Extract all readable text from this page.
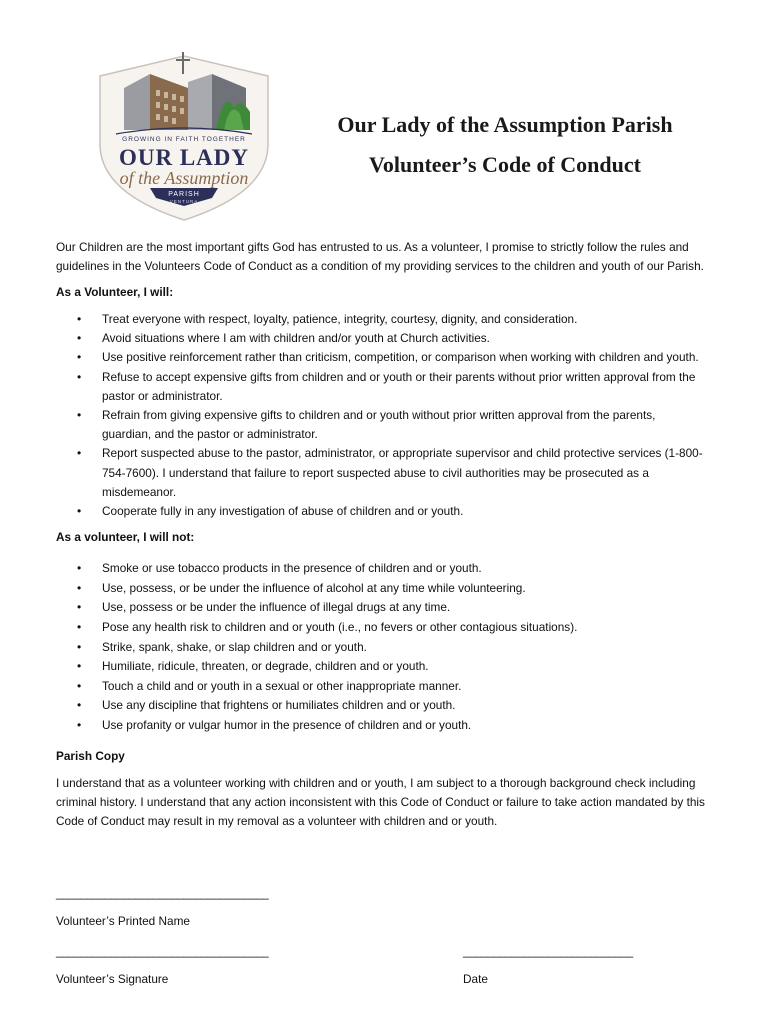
GROWING IN FAITH TOGETHER
OUR LADY
of the Assumption
PARISH
VENTURA
Our Lady of the Assumption Parish
Volunteer’s Code of Conduct

Our Children are the most important gifts God has entrusted to us. As a volunteer, I promise to strictly follow the rules and guidelines in the Volunteers Code of Conduct as a condition of my providing services to the children and youth of our Parish.

As a Volunteer, I will:

• Treat everyone with respect, loyalty, patience, integrity, courtesy, dignity, and consideration.
• Avoid situations where I am with children and/or youth at Church activities.
• Use positive reinforcement rather than criticism, competition, or comparison when working with children and youth.
• Refuse to accept expensive gifts from children and or youth or their parents without prior written approval from the pastor or administrator.
• Refrain from giving expensive gifts to children and or youth without prior written approval from the parents, guardian, and the pastor or administrator.
• Report suspected abuse to the pastor, administrator, or appropriate supervisor and child protective services (1-800-754-7600). I understand that failure to report suspected abuse to civil authorities may be prosecuted as a misdemeanor.
• Cooperate fully in any investigation of abuse of children and or youth.

As a volunteer, I will not:

• Smoke or use tobacco products in the presence of children and or youth.
• Use, possess, or be under the influence of alcohol at any time while volunteering.
• Use, possess or be under the influence of illegal drugs at any time.
• Pose any health risk to children and or youth (i.e., no fevers or other contagious situations).
• Strike, spank, shake, or slap children and or youth.
• Humiliate, ridicule, threaten, or degrade, children and or youth.
• Touch a child and or youth in a sexual or other inappropriate manner.
• Use any discipline that frightens or humiliates children and or youth.
• Use profanity or vulgar humor in the presence of children and or youth.

Parish Copy

I understand that as a volunteer working with children and or youth, I am subject to a thorough background check including criminal history. I understand that any action inconsistent with this Code of Conduct or failure to take action mandated by this Code of Conduct may result in my removal as a volunteer with children and or youth.

___________________________________
Volunteer’s Printed Name
___________________________________
Volunteer’s Signature
____________________________
Date
